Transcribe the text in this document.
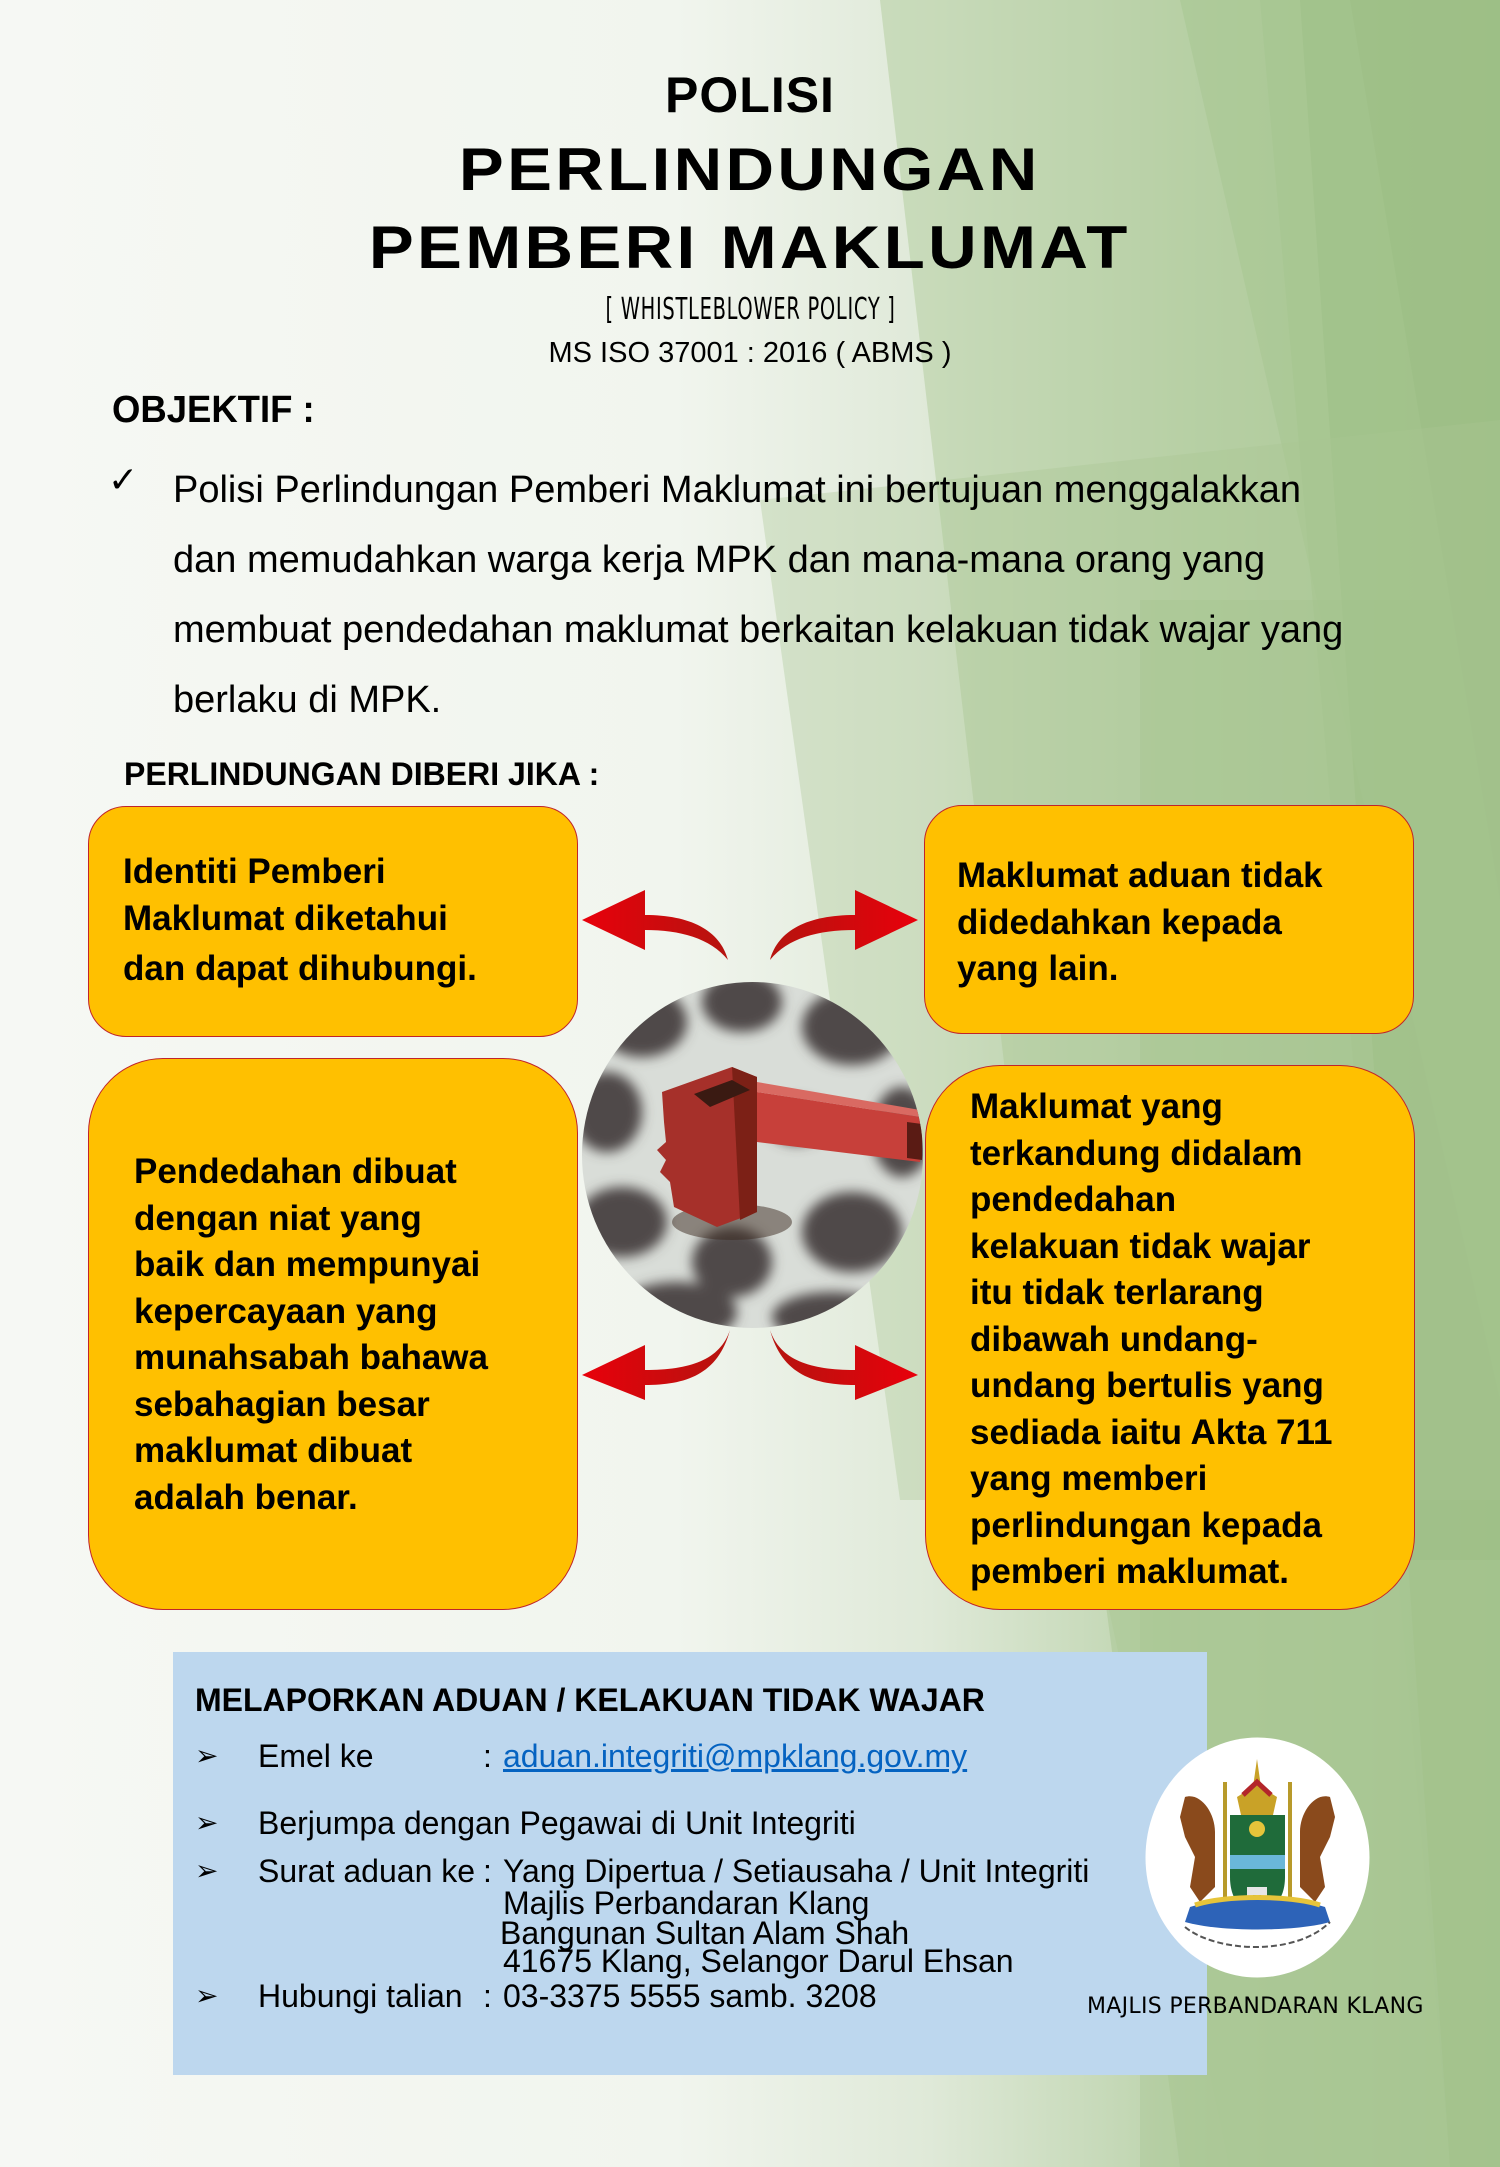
POLISI
PERLINDUNGAN
PEMBERI MAKLUMAT
[ WHISTLEBLOWER POLICY ]
MS ISO 37001 : 2016 ( ABMS )
OBJEKTIF :
✓ Polisi Perlindungan Pemberi Maklumat ini bertujuan menggalakkan
dan memudahkan warga kerja MPK dan mana-mana orang yang
membuat pendedahan maklumat berkaitan kelakuan tidak wajar yang
berlaku di MPK.
PERLINDUNGAN DIBERI JIKA :
Identiti Pemberi
Maklumat diketahui
dan dapat dihubungi.
Maklumat aduan tidak
didedahkan kepada
yang lain.
Pendedahan dibuat
dengan niat yang
baik dan mempunyai
kepercayaan yang
munahsabah bahawa
sebahagian besar
maklumat dibuat
adalah benar.
Maklumat yang
terkandung didalam
pendedahan
kelakuan tidak wajar
itu tidak terlarang
dibawah undang-
undang bertulis yang
sediada iaitu Akta 711
yang memberi
perlindungan kepada
pemberi maklumat.
MELAPORKAN ADUAN / KELAKUAN TIDAK WAJAR
➢ Emel ke	: aduan.integriti@mpklang.gov.my
➢ Berjumpa dengan Pegawai di Unit Integriti
➢ Surat aduan ke : Yang Dipertua / Setiausaha / Unit Integriti
Majlis Perbandaran Klang
Bangunan Sultan Alam Shah
41675 Klang, Selangor Darul Ehsan
➢ Hubungi talian : 03-3375 5555 samb. 3208	MAJLIS PERBANDARAN KLANG
